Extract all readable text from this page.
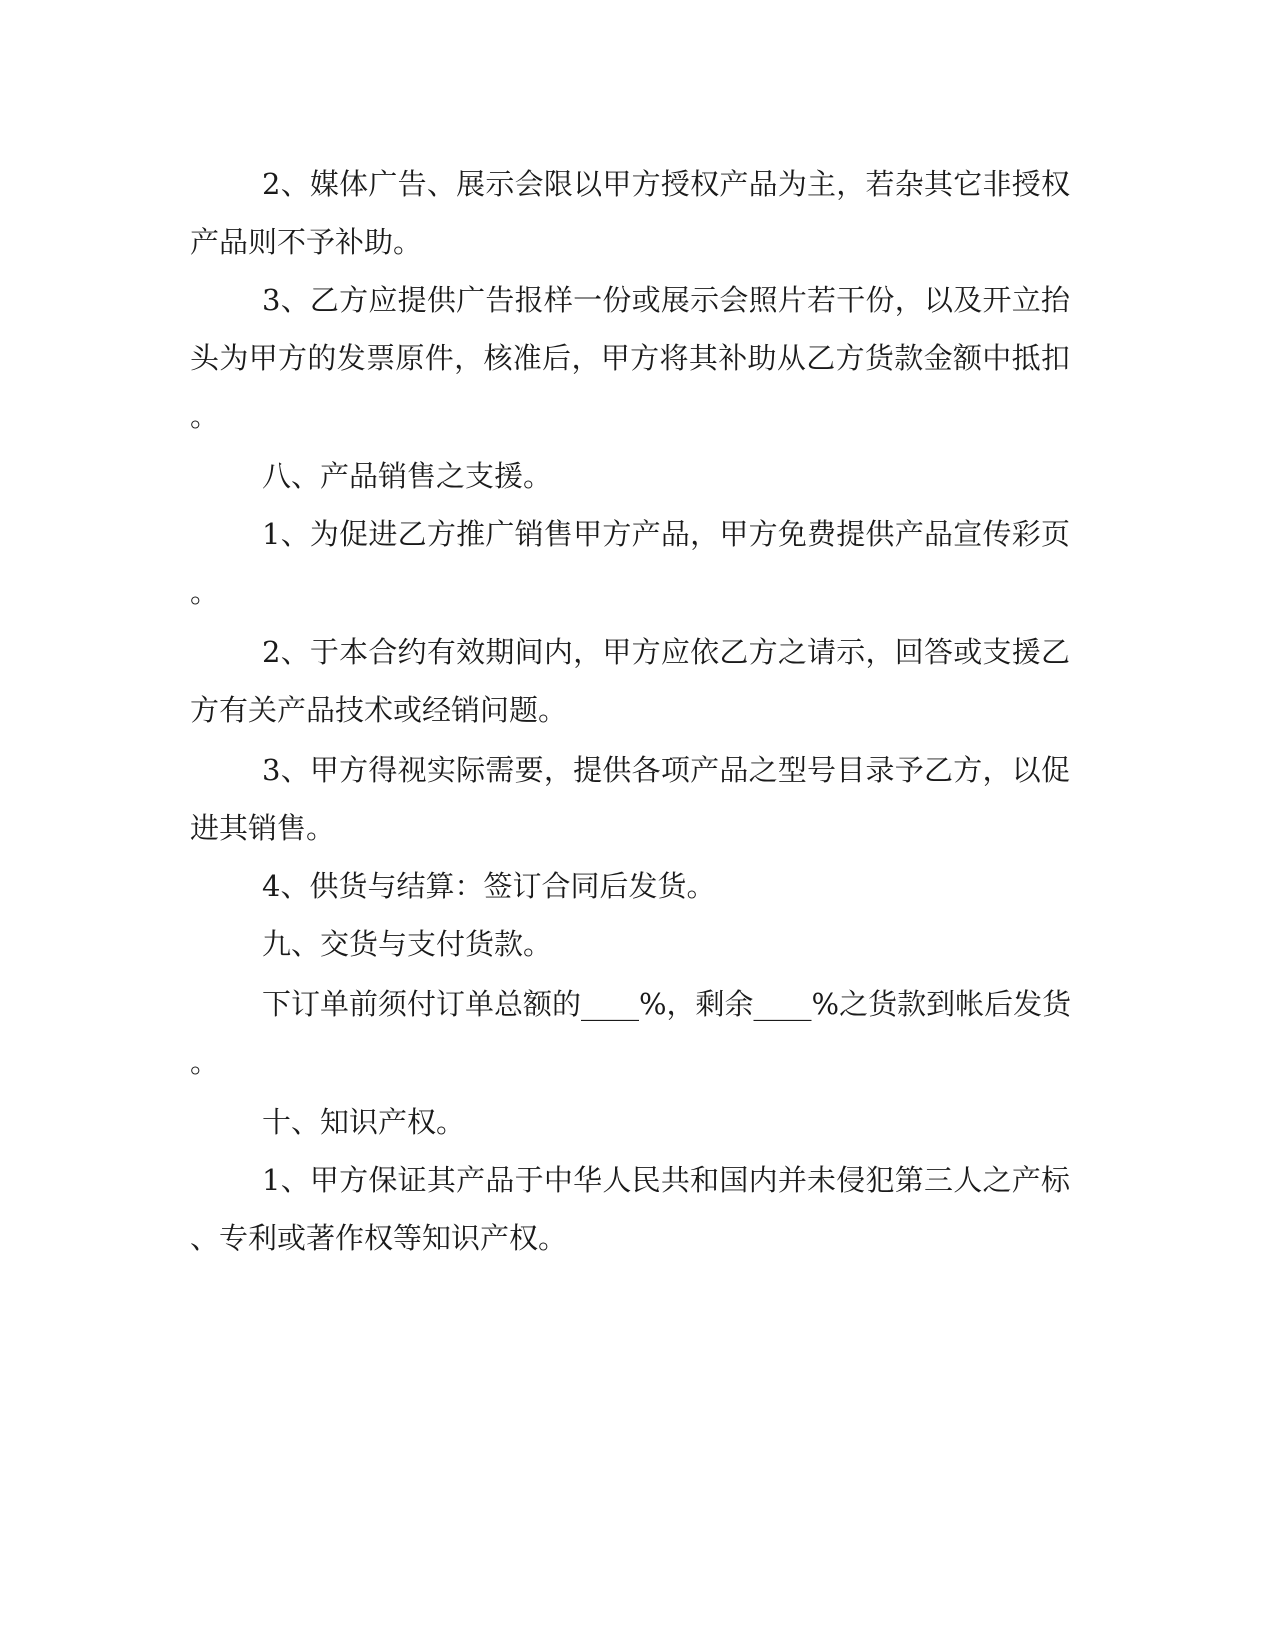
2、媒体广告、展示会限以甲方授权产品为主，若杂其它非授权

产品则不予补助。

3、乙方应提供广告报样一份或展示会照片若干份，以及开立抬

头为甲方的发票原件，核准后，甲方将其补助从乙方货款金额中抵扣

。

八、产品销售之支援。

1、为促进乙方推广销售甲方产品，甲方免费提供产品宣传彩页

。

2、于本合约有效期间内，甲方应依乙方之请示，回答或支援乙

方有关产品技术或经销问题。

3、甲方得视实际需要，提供各项产品之型号目录予乙方，以促

进其销售。

4、供货与结算：签订合同后发货。

九、交货与支付货款。

下订单前须付订单总额的____%，剩余____%之货款到帐后发货

。

十、知识产权。

1、甲方保证其产品于中华人民共和国内并未侵犯第三人之产标

、专利或著作权等知识产权。
